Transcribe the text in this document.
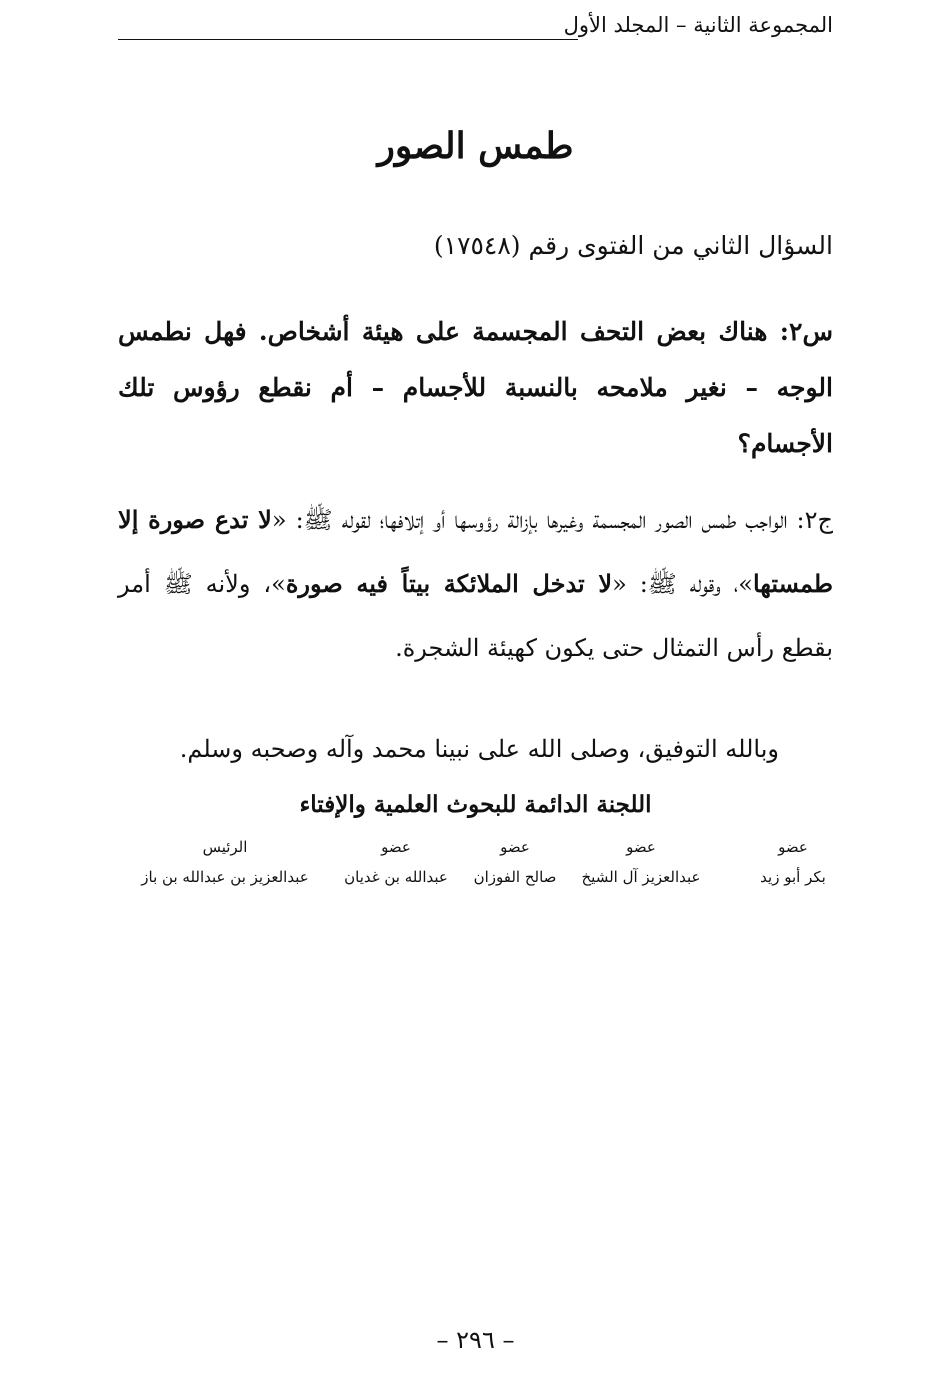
المجموعة الثانية – المجلد الأول
طمس الصور
السؤال الثاني من الفتوى رقم (١٧٥٤٨)

س٢: هناك بعض التحف المجسمة على هيئة أشخاص. فهل نطمس الوجه – نغير ملامحه بالنسبة للأجسام – أم نقطع رؤوس تلك الأجسام؟

ج٢: الواجب طمس الصور المجسمة وغيرها بإزالة رؤوسها أو إتلافها؛ لقوله ﷺ: «لا تدع صورة إلا طمستها»، وقوله ﷺ: «لا تدخل الملائكة بيتاً فيه صورة»، ولأنه ﷺ أمر بقطع رأس التمثال حتى يكون كهيئة الشجرة.

وبالله التوفيق، وصلى الله على نبينا محمد وآله وصحبه وسلم.
اللجنة الدائمة للبحوث العلمية والإفتاء
عضو
بكر أبو زيد
عضو
عبدالعزيز آل الشيخ
عضو
صالح الفوزان
عضو
عبدالله بن غديان
الرئيس
عبدالعزيز بن عبدالله بن باز
– ٢٩٦ –
